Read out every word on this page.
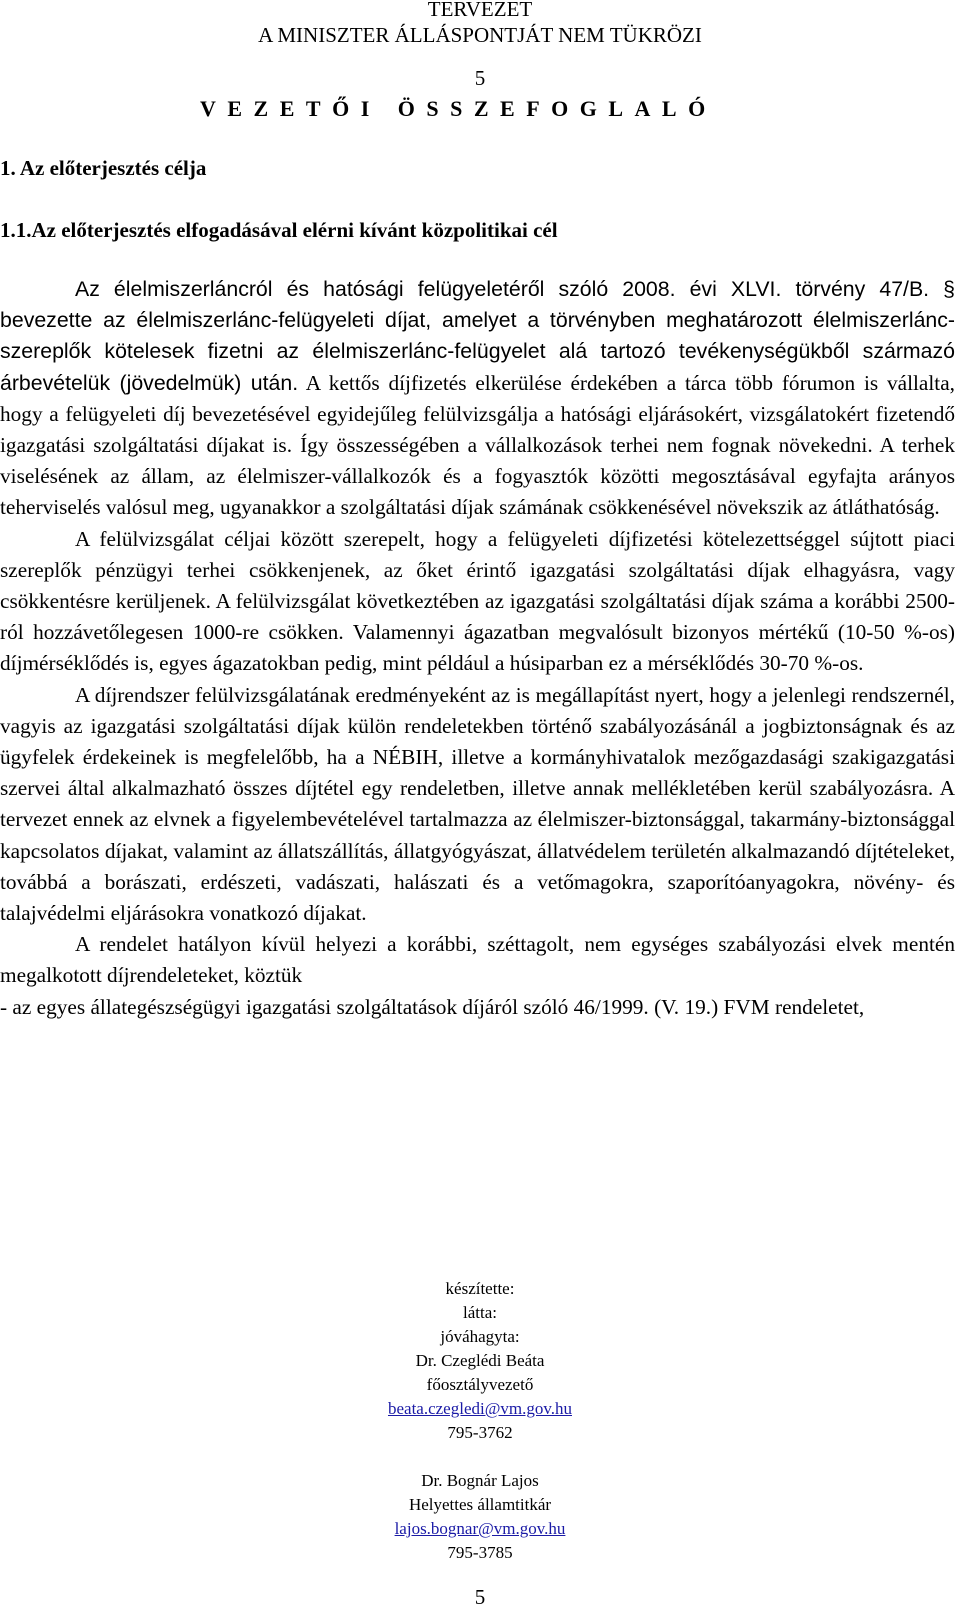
TERVEZET
A MINISZTER ÁLLÁSPONTJÁT NEM TÜKRÖZI
5
VEZETŐI ÖSSZEFOGLALÓ
1. Az előterjesztés célja
1.1.Az előterjesztés elfogadásával elérni kívánt közpolitikai cél

Az élelmiszerláncról és hatósági felügyeletéről szóló 2008. évi XLVI. törvény 47/B. § bevezette az élelmiszerlánc-felügyeleti díjat, amelyet a törvényben meghatározott élelmiszerlánc-szereplők kötelesek fizetni az élelmiszerlánc-felügyelet alá tartozó tevékenységükből származó árbevételük (jövedelmük) után. A kettős díjfizetés elkerülése érdekében a tárca több fórumon is vállalta, hogy a felügyeleti díj bevezetésével egyidejűleg felülvizsgálja a hatósági eljárásokért, vizsgálatokért fizetendő igazgatási szolgáltatási díjakat is. Így összességében a vállalkozások terhei nem fognak növekedni. A terhek viselésének az állam, az élelmiszer-vállalkozók és a fogyasztók közötti megosztásával egyfajta arányos teherviselés valósul meg, ugyanakkor a szolgáltatási díjak számának csökkenésével növekszik az átláthatóság.

A felülvizsgálat céljai között szerepelt, hogy a felügyeleti díjfizetési kötelezettséggel sújtott piaci szereplők pénzügyi terhei csökkenjenek, az őket érintő igazgatási szolgáltatási díjak elhagyásra, vagy csökkentésre kerüljenek. A felülvizsgálat következtében az igazgatási szolgáltatási díjak száma a korábbi 2500-ról hozzávetőlegesen 1000-re csökken. Valamennyi ágazatban megvalósult bizonyos mértékű (10-50 %-os) díjmérséklődés is, egyes ágazatokban pedig, mint például a húsiparban ez a mérséklődés 30-70 %-os.

A díjrendszer felülvizsgálatának eredményeként az is megállapítást nyert, hogy a jelenlegi rendszernél, vagyis az igazgatási szolgáltatási díjak külön rendeletekben történő szabályozásánál a jogbiztonságnak és az ügyfelek érdekeinek is megfelelőbb, ha a NÉBIH, illetve a kormányhivatalok mezőgazdasági szakigazgatási szervei által alkalmazható összes díjtétel egy rendeletben, illetve annak mellékletében kerül szabályozásra. A tervezet ennek az elvnek a figyelembevételével tartalmazza az élelmiszer-biztonsággal, takarmány-biztonsággal kapcsolatos díjakat, valamint az állatszállítás, állatgyógyászat, állatvédelem területén alkalmazandó díjtételeket, továbbá a borászati, erdészeti, vadászati, halászati és a vetőmagokra, szaporítóanyagokra, növény- és talajvédelmi eljárásokra vonatkozó díjakat.

A rendelet hatályon kívül helyezi a korábbi, széttagolt, nem egységes szabályozási elvek mentén megalkotott díjrendeleteket, köztük

- az egyes állategészségügyi igazgatási szolgáltatások díjáról szóló 46/1999. (V. 19.) FVM rendeletet,

készítette:
látta:
jóváhagyta:
Dr. Czeglédi Beáta
főosztályvezető
beata.czegledi@vm.gov.hu
795-3762
Dr. Bognár Lajos
Helyettes államtitkár
lajos.bognar@vm.gov.hu
795-3785
5
